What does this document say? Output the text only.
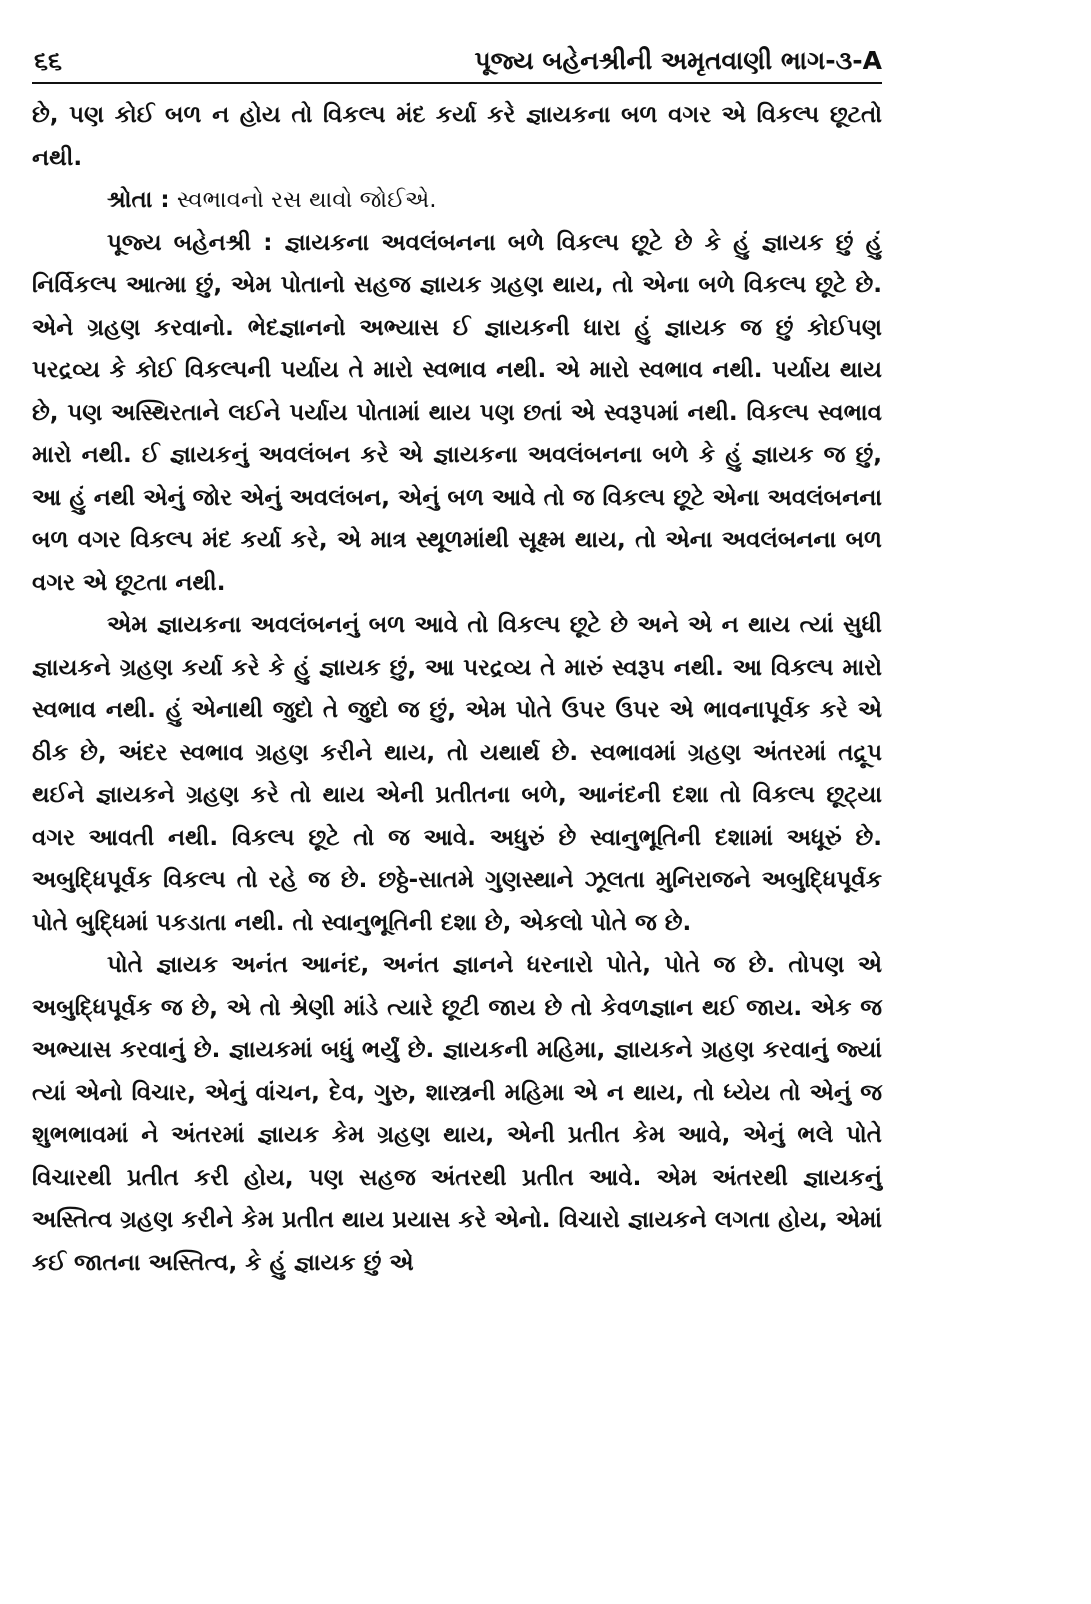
૬૬	પૂજ્ય બહેનશ્રીની અમૃતવાણી ભાગ-૩-A

છે, પણ કોઈ બળ ન હોય તો વિકલ્પ મંદ કર્યા કરે જ્ઞાયકના બળ વગર એ વિકલ્પ છૂટતો નથી.

શ્રોતા : સ્વભાવનો રસ થાવો જોઈએ.

પૂજ્ય બહેનશ્રી : જ્ઞાયકના અવલંબનના બળે વિકલ્પ છૂટે છે કે હું જ્ઞાયક છું હું નિર્વિકલ્પ આત્મા છું, એમ પોતાનો સહજ જ્ઞાયક ગ્રહણ થાય, તો એના બળે વિકલ્પ છૂટે છે. એને ગ્રહણ કરવાનો. ભેદજ્ઞાનનો અભ્યાસ ઈ જ્ઞાયકની ધારા હું જ્ઞાયક જ છું કોઈપણ પરદ્રવ્ય કે કોઈ વિકલ્પની પર્યાય તે મારો સ્વભાવ નથી. એ મારો સ્વભાવ નથી. પર્યાય થાય છે, પણ અસ્થિરતાને લઈને પર્યાય પોતામાં થાય પણ છતાં એ સ્વરૂપમાં નથી. વિકલ્પ સ્વભાવ મારો નથી. ઈ જ્ઞાયકનું અવલંબન કરે એ જ્ઞાયકના અવલંબનના બળે કે હું જ્ઞાયક જ છું, આ હું નથી એનું જોર એનું અવલંબન, એનું બળ આવે તો જ વિકલ્પ છૂટે એના અવલંબનના બળ વગર વિકલ્પ મંદ કર્યા કરે, એ માત્ર સ્થૂળમાંથી સૂક્ષ્મ થાય, તો એના અવલંબનના બળ વગર એ છૂટતા નથી.

એમ જ્ઞાયકના અવલંબનનું બળ આવે તો વિકલ્પ છૂટે છે અને એ ન થાય ત્યાં સુધી જ્ઞાયકને ગ્રહણ કર્યા કરે કે હું જ્ઞાયક છું, આ પરદ્રવ્ય તે મારું સ્વરૂપ નથી. આ વિકલ્પ મારો સ્વભાવ નથી. હું એનાથી જુદો તે જુદો જ છું, એમ પોતે ઉપર ઉપર એ ભાવનાપૂર્વક કરે એ ઠીક છે, અંદર સ્વભાવ ગ્રહણ કરીને થાય, તો યથાર્થ છે. સ્વભાવમાં ગ્રહણ અંતરમાં તદ્રૂપ થઈને જ્ઞાયકને ગ્રહણ કરે તો થાય એની પ્રતીતના બળે, આનંદની દશા તો વિકલ્પ છૂટ્યા વગર આવતી નથી. વિકલ્પ છૂટે તો જ આવે. અધુરું છે સ્વાનુભૂતિની દશામાં અધૂરું છે. અબુદ્ધિપૂર્વક વિકલ્પ તો રહે જ છે. છઠ્ઠે-સાતમે ગુણસ્થાને ઝૂલતા મુનિરાજને અબુદ્ધિપૂર્વક પોતે બુદ્ધિમાં પકડાતા નથી. તો સ્વાનુભૂતિની દશા છે, એકલો પોતે જ છે.

પોતે જ્ઞાયક અનંત આનંદ, અનંત જ્ઞાનને ધરનારો પોતે, પોતે જ છે. તોપણ એ અબુદ્ધિપૂર્વક જ છે, એ તો શ્રેણી માંડે ત્યારે છૂટી જાય છે તો કેવળજ્ઞાન થઈ જાય. એક જ અભ્યાસ કરવાનું છે. જ્ઞાયકમાં બધું ભર્યું છે. જ્ઞાયકની મહિમા, જ્ઞાયકને ગ્રહણ કરવાનું જ્યાં ત્યાં એનો વિચાર, એનું વાંચન, દેવ, ગુરુ, શાસ્ત્રની મહિમા એ ન થાય, તો ધ્યેય તો એનું જ શુભભાવમાં ને અંતરમાં જ્ઞાયક કેમ ગ્રહણ થાય, એની પ્રતીત કેમ આવે, એનું ભલે પોતે વિચારથી પ્રતીત કરી હોય, પણ સહજ અંતરથી પ્રતીત આવે. એમ અંતરથી જ્ઞાયકનું અસ્તિત્વ ગ્રહણ કરીને કેમ પ્રતીત થાય પ્રયાસ કરે એનો. વિચારો જ્ઞાયકને લગતા હોય, એમાં કઈ જાતના અસ્તિત્વ, કે હું જ્ઞાયક છું એ
